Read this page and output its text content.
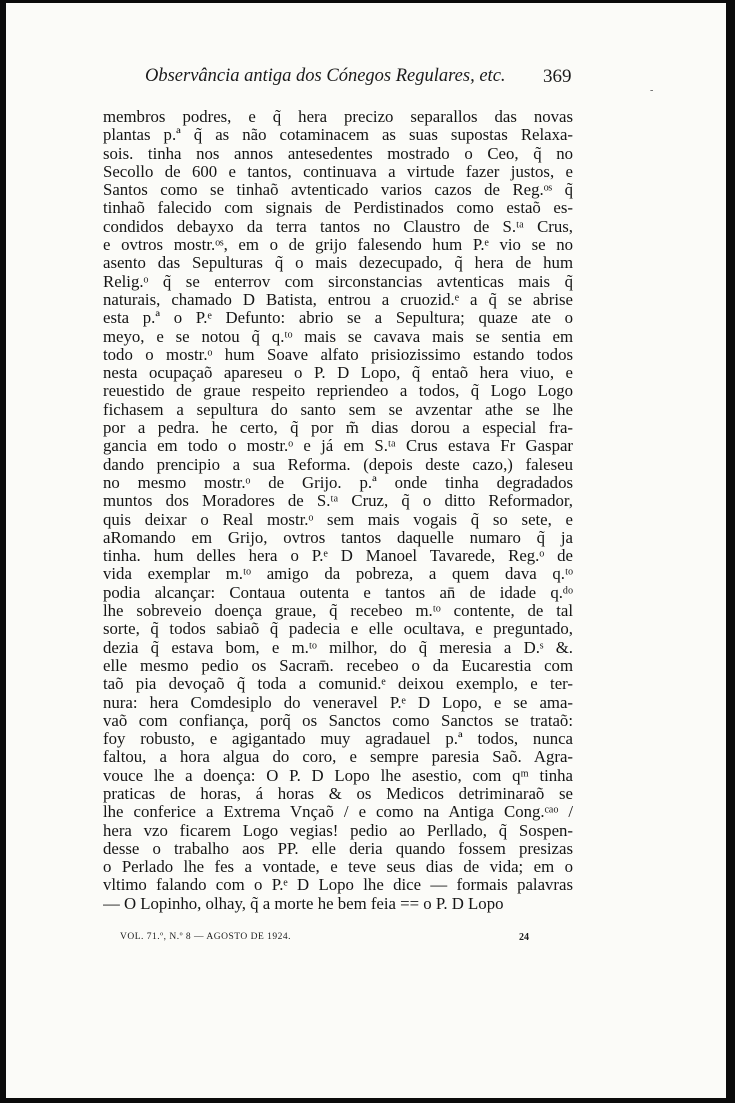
Observância antiga dos Cónegos Regulares, etc.	369
-
membros podres, e q̃ hera precizo separallos das novas
plantas p.ª q̃ as não cotaminacem as suas supostas Relaxa-
sois. tinha nos annos antesedentes mostrado o Ceo, q̃ no
Secollo de 600 e tantos, continuava a virtude fazer justos, e
Santos como se tinhaõ avtenticado varios cazos de Reg.ᵒˢ q̃
tinhaõ falecido com signais de Perdistinados como estaõ es-
condidos debayxo da terra tantos no Claustro de S.ᵗᵃ Crus,
e ovtros mostr.ᵒˢ, em o de grijo falesendo hum P.ᵉ vio se no
asento das Sepulturas q̃ o mais dezecupado, q̃ hera de hum
Relig.ᵒ q̃ se enterrov com sirconstancias avtenticas mais q̃
naturais, chamado D Batista, entrou a cruozid.ᵉ a q̃ se abrise
esta p.ª o P.ᵉ Defunto: abrio se a Sepultura; quaze ate o
meyo, e se notou q̃ q.ᵗᵒ mais se cavava mais se sentia em
todo o mostr.ᵒ hum Soave alfato prisiozissimo estando todos
nesta ocupaçaõ apareseu o P. D Lopo, q̃ entaõ hera viuo, e
reuestido de graue respeito repriendeo a todos, q̃ Logo Logo
fichasem a sepultura do santo sem se avzentar athe se lhe
por a pedra. he certo, q̃ por m̃ dias dorou a especial fra-
gancia em todo o mostr.ᵒ e já em S.ᵗᵃ Crus estava Fr Gaspar
dando prencipio a sua Reforma. (depois deste cazo,) faleseu
no mesmo mostr.ᵒ de Grijo. p.ª onde tinha degradados
muntos dos Moradores de S.ᵗᵃ Cruz, q̃ o ditto Reformador,
quis deixar o Real mostr.ᵒ sem mais vogais q̃ so sete, e
aRomando em Grijo, ovtros tantos daquelle numaro q̃ ja
tinha. hum delles hera o P.ᵉ D Manoel Tavarede, Reg.ᵒ de
vida exemplar m.ᵗᵒ amigo da pobreza, a quem dava q.ᵗᵒ
podia alcançar: Contaua outenta e tantos an̄ de idade q.ᵈᵒ
lhe sobreveio doença graue, q̃ recebeo m.ᵗᵒ contente, de tal
sorte, q̃ todos sabiaõ q̃ padecia e elle ocultava, e preguntado,
dezia q̃ estava bom, e m.ᵗᵒ milhor, do q̃ meresia a D.ˢ &.
elle mesmo pedio os Sacram̄. recebeo o da Eucarestia com
taõ pia devoçaõ q̃ toda a comunid.ᵉ deixou exemplo, e ter-
nura: hera Comdesiplo do veneravel P.ᵉ D Lopo, e se ama-
vaõ com confiança, porq̃ os Sanctos como Sanctos se trataõ:
foy robusto, e agigantado muy agradauel p.ª todos, nunca
faltou, a hora algua do coro, e sempre paresia Saõ. Agra-
vouce lhe a doença: O P. D Lopo lhe asestio, com qᵐ tinha
praticas de horas, á horas & os Medicos detriminaraõ se
lhe conferice a Extrema Vnçaõ / e como na Antiga Cong.ᶜᵃᵒ /
hera vzo ficarem Logo vegias! pedio ao Perllado, q̃ Sospen-
desse o trabalho aos PP. elle deria quando fossem presizas
o Perlado lhe fes a vontade, e teve seus dias de vida; em o
vltimo falando com o P.ᵉ D Lopo lhe dice — formais palavras
— O Lopinho, olhay, q̃ a morte he bem feia == o P. D Lopo
VOL. 71.º, N.º 8 — AGOSTO DE 1924.	24
